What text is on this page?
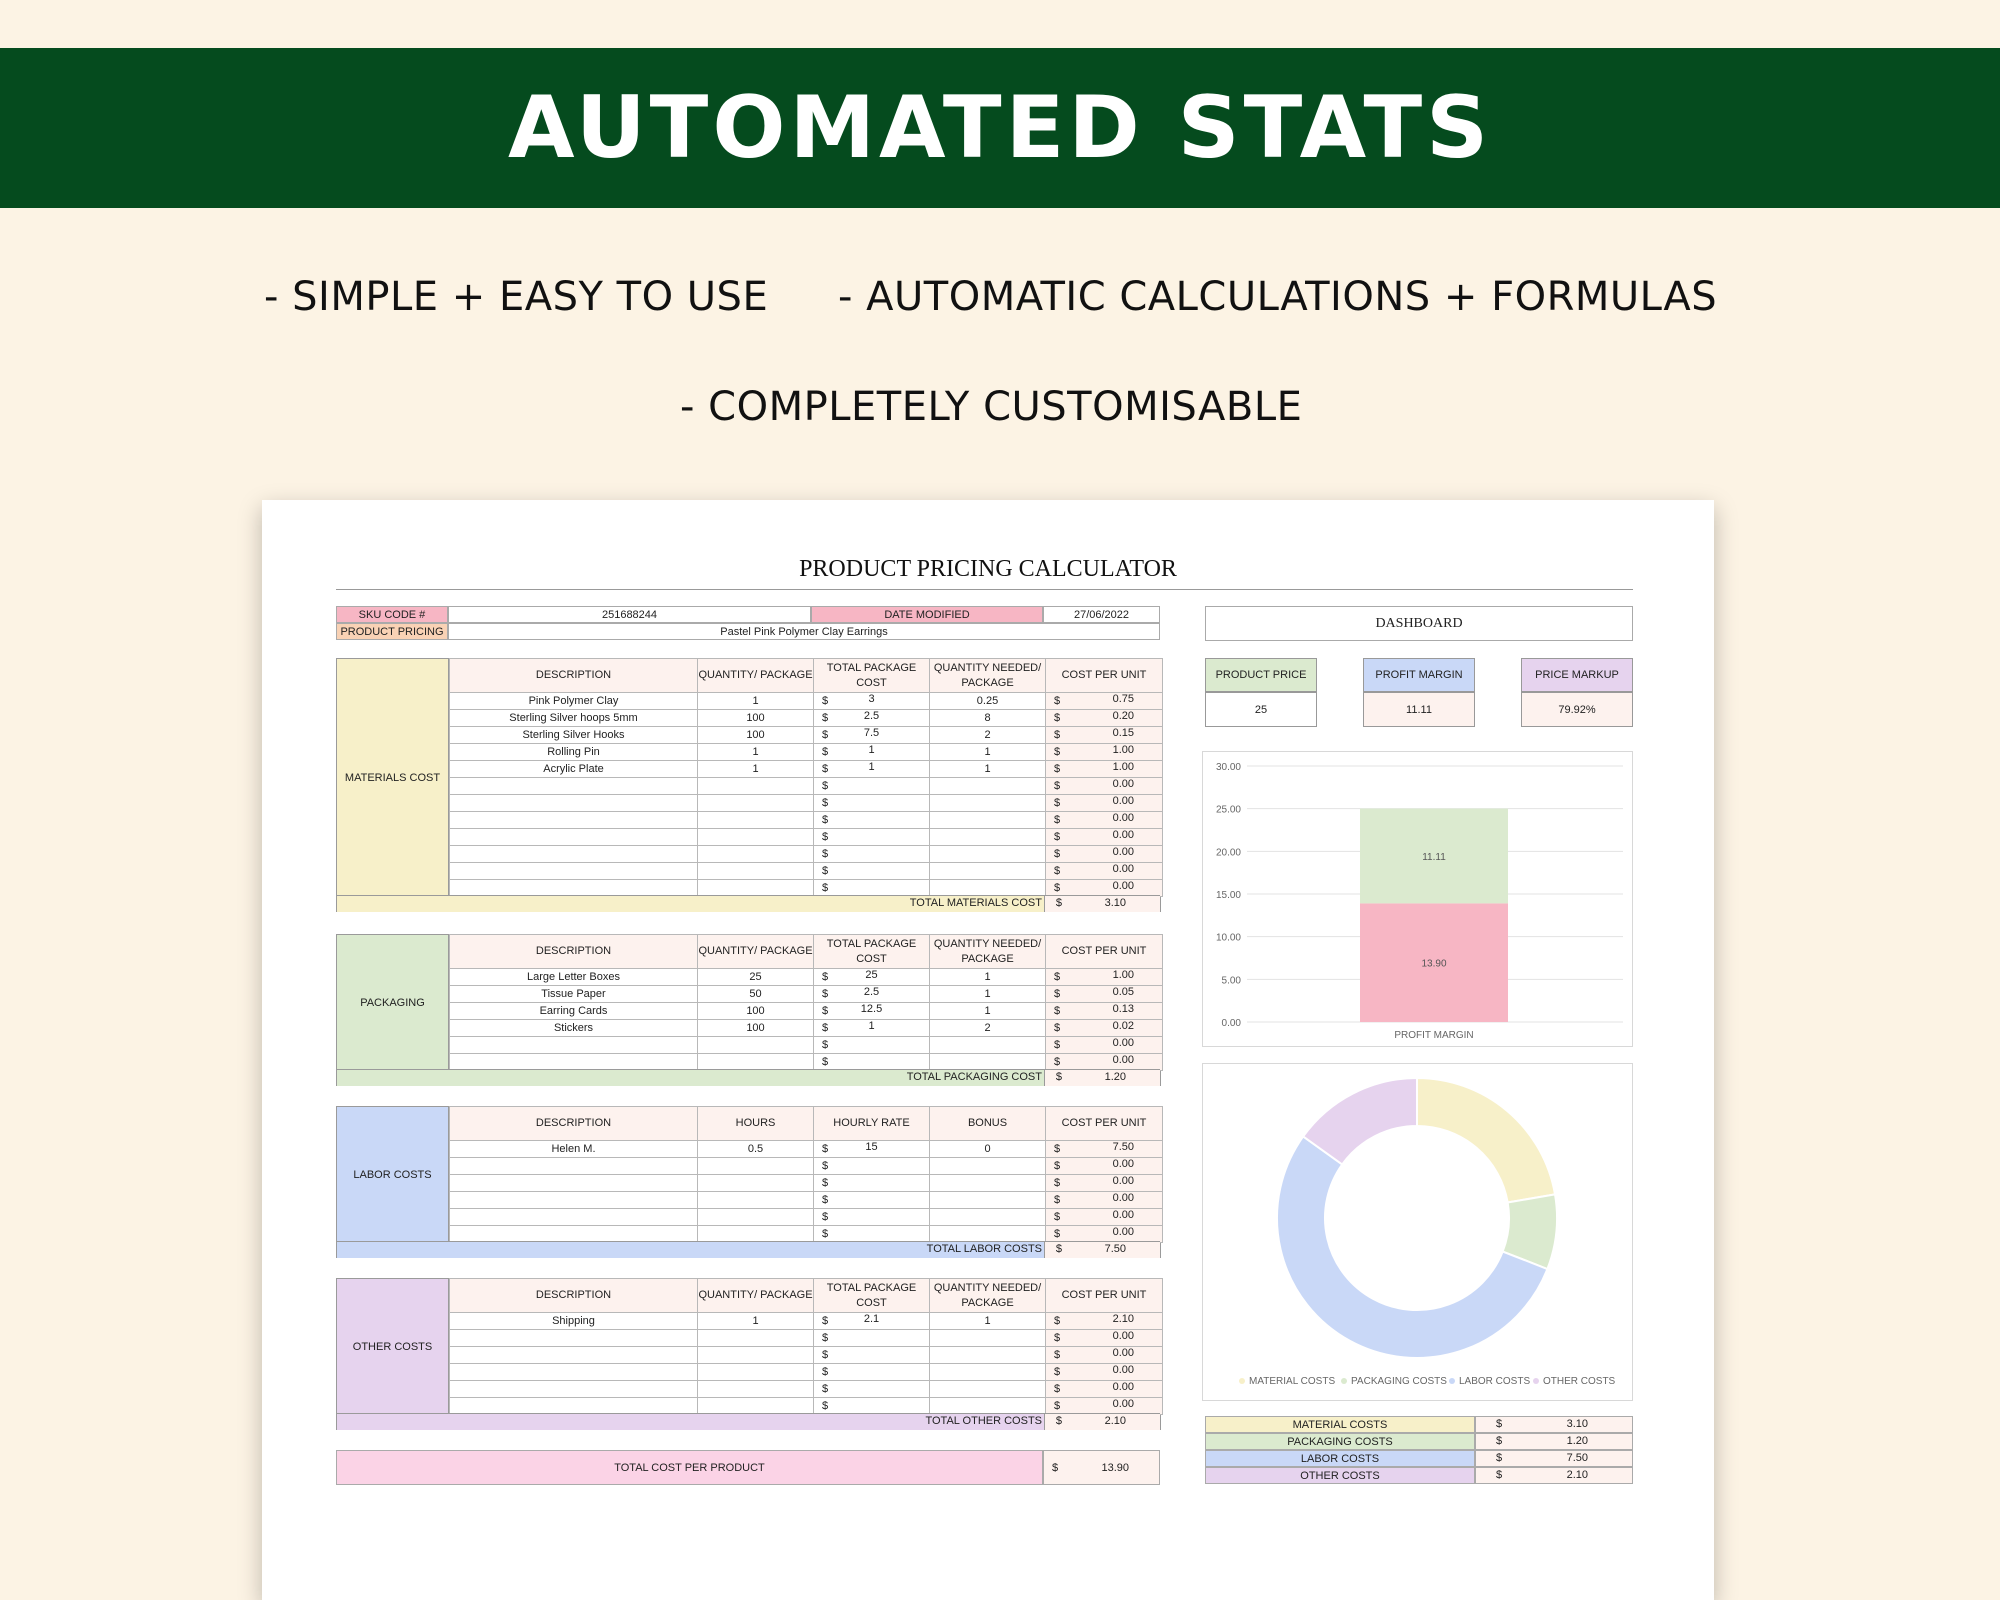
AUTOMATED STATS
- SIMPLE + EASY TO USE - AUTOMATIC CALCULATIONS + FORMULAS
- COMPLETELY CUSTOMISABLE
PRODUCT PRICING CALCULATOR
SKU CODE #	251688244	DATE MODIFIED	27/06/2022
PRODUCT PRICING	Pastel Pink Polymer Clay Earrings
MATERIALS COST
DESCRIPTION	QUANTITY/ PACKAGE	TOTAL PACKAGE COST	QUANTITY NEEDED/ PACKAGE	COST PER UNIT
Pink Polymer Clay	1	$ 3	0.25	$ 0.75

Sterling Silver hoops 5mm	100	$ 2.5	8	$ 0.20

Sterling Silver Hooks	100	$ 7.5	2	$ 0.15

Rolling Pin	1	$ 1	1	$ 1.00

Acrylic Plate	1	$ 1	1	$ 1.00

		$		$ 0.00

		$		$ 0.00

		$		$ 0.00

		$		$ 0.00

		$		$ 0.00

		$		$ 0.00

		$		$ 0.00
TOTAL MATERIALS COST $	3.10
PACKAGING
DESCRIPTION	QUANTITY/ PACKAGE	TOTAL PACKAGE COST	QUANTITY NEEDED/ PACKAGE	COST PER UNIT
Large Letter Boxes	25	$ 25	1	$ 1.00

Tissue Paper	50	$ 2.5	1	$ 0.05

Earring Cards	100	$ 12.5	1	$ 0.13

Stickers	100	$ 1	2	$ 0.02

		$		$ 0.00

		$		$ 0.00
TOTAL PACKAGING COST $	1.20
LABOR COSTS
DESCRIPTION	HOURS	HOURLY RATE	BONUS	COST PER UNIT
Helen M.	0.5	$ 15	0	$ 7.50

		$		$ 0.00

		$		$ 0.00

		$		$ 0.00

		$		$ 0.00

		$		$ 0.00
TOTAL LABOR COSTS $	7.50
OTHER COSTS
DESCRIPTION	QUANTITY/ PACKAGE	TOTAL PACKAGE COST	QUANTITY NEEDED/ PACKAGE	COST PER UNIT
Shipping	1	$ 2.1	1	$ 2.10

		$		$ 0.00

		$		$ 0.00

		$		$ 0.00

		$		$ 0.00

		$		$ 0.00
TOTAL OTHER COSTS $	2.10
TOTAL COST PER PRODUCT	$	13.90
DASHBOARD
PRODUCT PRICE
25
PROFIT MARGIN
11.11
PRICE MARKUP
79.92%
0.00
5.00
10.00
15.00
20.00
25.00
30.00
13.90
11.11
PROFIT MARGIN
MATERIAL COSTS	PACKAGING COSTS	LABOR COSTS	OTHER COSTS
MATERIAL COSTS	$	3.10
PACKAGING COSTS	$	1.20
LABOR COSTS	$	7.50
OTHER COSTS	$	2.10
